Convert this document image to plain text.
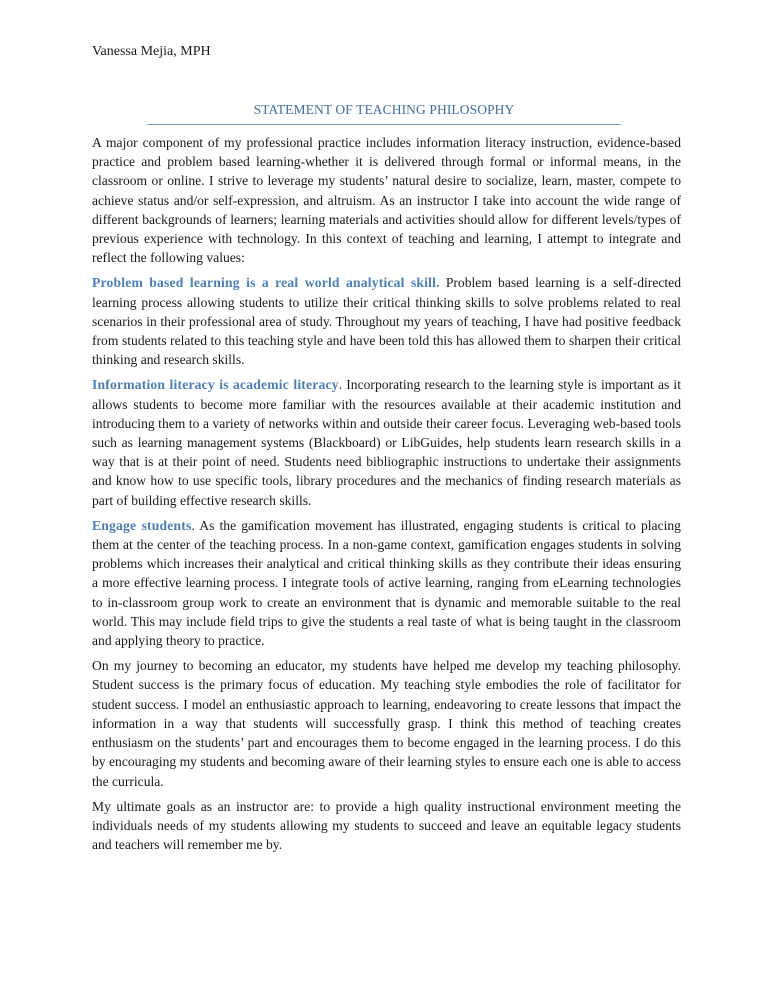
Vanessa Mejia, MPH
STATEMENT OF TEACHING PHILOSOPHY

A major component of my professional practice includes information literacy instruction, evidence-based practice and problem based learning-whether it is delivered through formal or informal means, in the classroom or online. I strive to leverage my students’ natural desire to socialize, learn, master, compete to achieve status and/or self-expression, and altruism. As an instructor I take into account the wide range of different backgrounds of learners; learning materials and activities should allow for different levels/types of previous experience with technology. In this context of teaching and learning, I attempt to integrate and reflect the following values:

Problem based learning is a real world analytical skill. Problem based learning is a self-directed learning process allowing students to utilize their critical thinking skills to solve problems related to real scenarios in their professional area of study. Throughout my years of teaching, I have had positive feedback from students related to this teaching style and have been told this has allowed them to sharpen their critical thinking and research skills.

Information literacy is academic literacy. Incorporating research to the learning style is important as it allows students to become more familiar with the resources available at their academic institution and introducing them to a variety of networks within and outside their career focus. Leveraging web-based tools such as learning management systems (Blackboard) or LibGuides, help students learn research skills in a way that is at their point of need. Students need bibliographic instructions to undertake their assignments and know how to use specific tools, library procedures and the mechanics of finding research materials as part of building effective research skills.

Engage students. As the gamification movement has illustrated, engaging students is critical to placing them at the center of the teaching process. In a non-game context, gamification engages students in solving problems which increases their analytical and critical thinking skills as they contribute their ideas ensuring a more effective learning process. I integrate tools of active learning, ranging from eLearning technologies to in-classroom group work to create an environment that is dynamic and memorable suitable to the real world. This may include field trips to give the students a real taste of what is being taught in the classroom and applying theory to practice.

On my journey to becoming an educator, my students have helped me develop my teaching philosophy. Student success is the primary focus of education. My teaching style embodies the role of facilitator for student success. I model an enthusiastic approach to learning, endeavoring to create lessons that impact the information in a way that students will successfully grasp. I think this method of teaching creates enthusiasm on the students’ part and encourages them to become engaged in the learning process. I do this by encouraging my students and becoming aware of their learning styles to ensure each one is able to access the curricula.

My ultimate goals as an instructor are: to provide a high quality instructional environment meeting the individuals needs of my students allowing my students to succeed and leave an equitable legacy students and teachers will remember me by.
